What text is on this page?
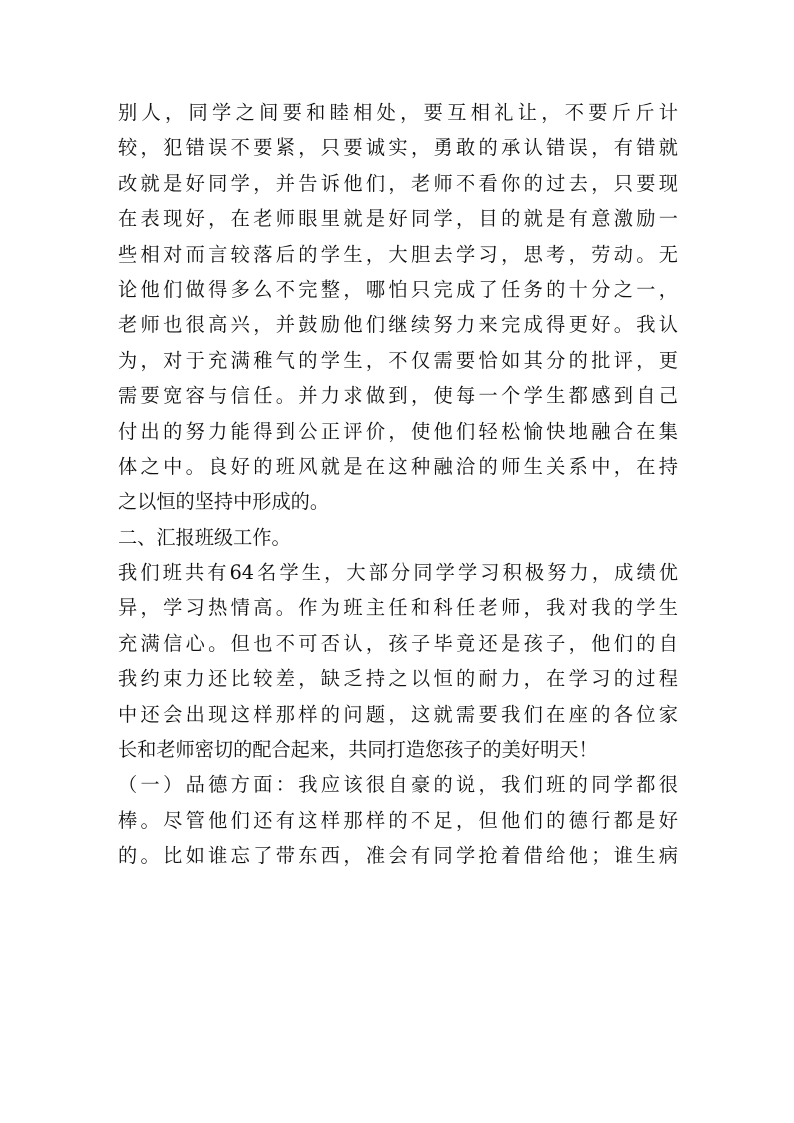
别人，同学之间要和睦相处，要互相礼让，不要斤斤计
较，犯错误不要紧，只要诚实，勇敢的承认错误，有错就
改就是好同学，并告诉他们，老师不看你的过去，只要现
在表现好，在老师眼里就是好同学，目的就是有意激励一
些相对而言较落后的学生，大胆去学习，思考，劳动。无
论他们做得多么不完整，哪怕只完成了任务的十分之一，
老师也很高兴，并鼓励他们继续努力来完成得更好。我认
为，对于充满稚气的学生，不仅需要恰如其分的批评，更
需要宽容与信任。并力求做到，使每一个学生都感到自己
付出的努力能得到公正评价，使他们轻松愉快地融合在集
体之中。良好的班风就是在这种融洽的师生关系中，在持
之以恒的坚持中形成的。
二、汇报班级工作。
我们班共有64名学生，大部分同学学习积极努力，成绩优
异，学习热情高。作为班主任和科任老师，我对我的学生
充满信心。但也不可否认，孩子毕竟还是孩子，他们的自
我约束力还比较差，缺乏持之以恒的耐力，在学习的过程
中还会出现这样那样的问题，这就需要我们在座的各位家
长和老师密切的配合起来，共同打造您孩子的美好明天！
（一）品德方面：我应该很自豪的说，我们班的同学都很
棒。尽管他们还有这样那样的不足，但他们的德行都是好
的。比如谁忘了带东西，准会有同学抢着借给他；谁生病
